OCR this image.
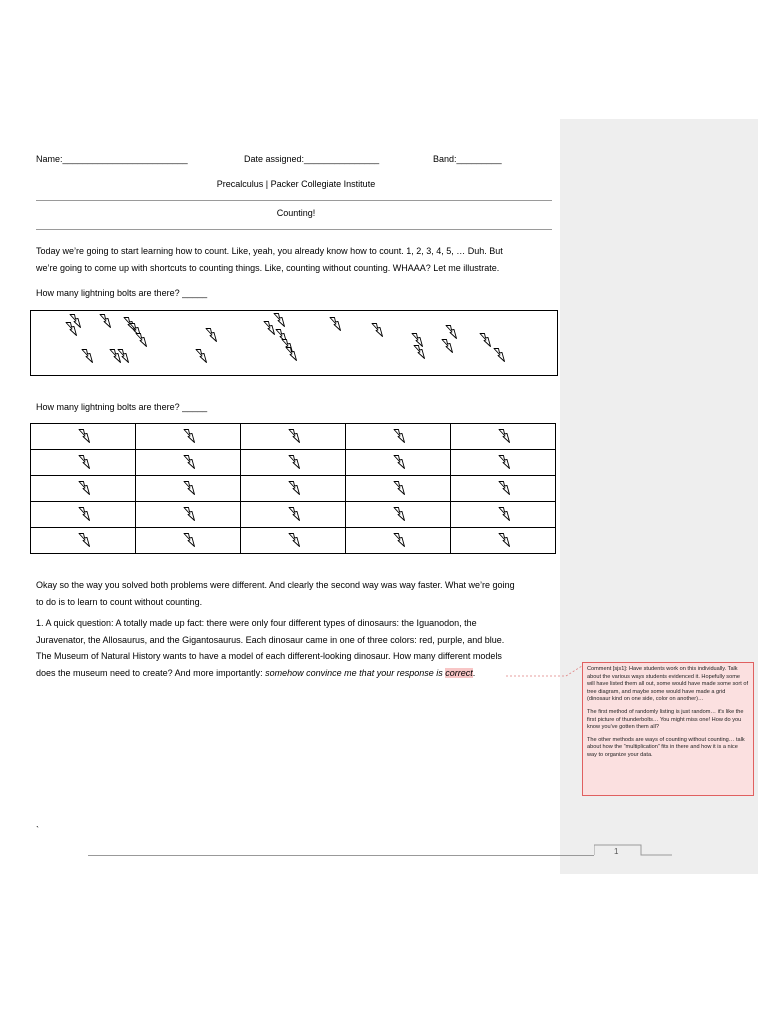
Name:_________________________	Date assigned:_______________	Band:_________
Precalculus | Packer Collegiate Institute
Counting!
Today we’re going to start learning how to count. Like, yeah, you already know how to count. 1, 2, 3, 4, 5, … Duh. But
we’re going to come up with shortcuts to counting things. Like, counting without counting. WHAAA? Let me illustrate.
How many lightning bolts are there? _____
How many lightning bolts are there? _____

Okay so the way you solved both problems were different. And clearly the second way was way faster. What we’re going
to do is to learn to count without counting.
1. A quick question: A totally made up fact: there were only four different types of dinosaurs: the Iguanodon, the
Juravenator, the Allosaurus, and the Gigantosaurus. Each dinosaur came in one of three colors: red, purple, and blue.
The Museum of Natural History wants to have a model of each different-looking dinosaur. How many different models
does the museum need to create? And more importantly: somehow convince me that your response is correct.
`

Comment [sjs1]: Have students work on this individually. Talk about the various ways students evidenced it. Hopefully some will have listed them all out, some would have made some sort of tree diagram, and maybe some would have made a grid (dinosaur kind on one side, color on another)…

The first method of randomly listing is just random… it's like the first picture of thunderbolts… You might miss one! How do you know you've gotten them all?

The other methods are ways of counting without counting… talk about how the “multiplication” fits in there and how it is a nice way to organize your data.

1
